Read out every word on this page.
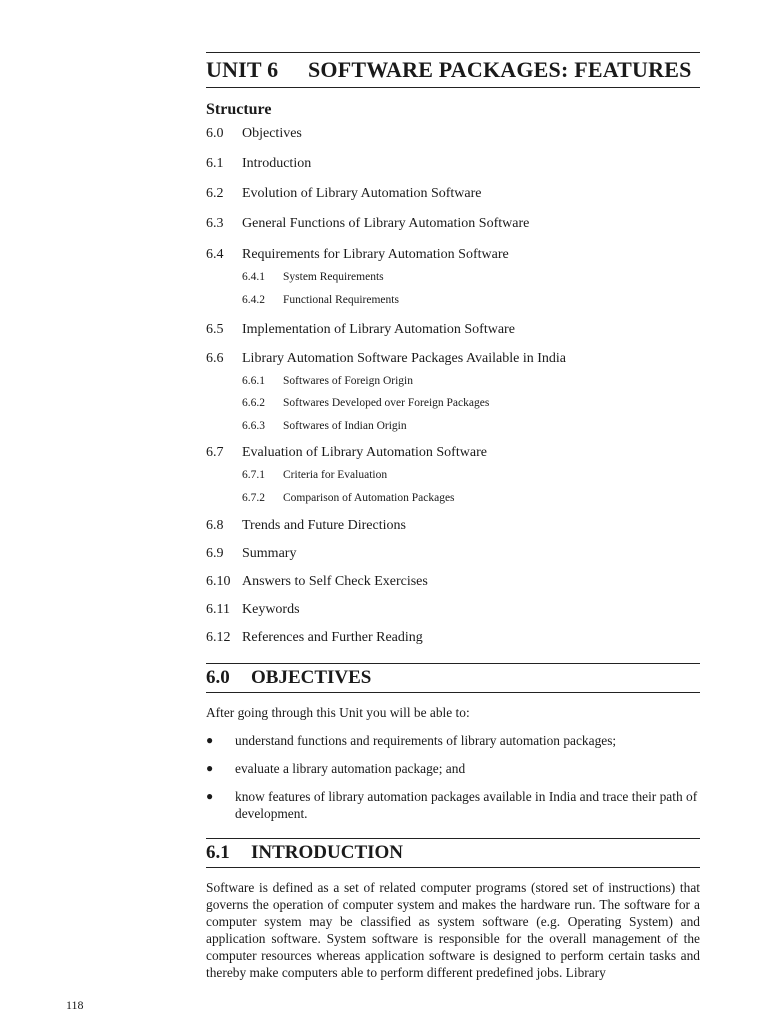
118
UNIT 6	SOFTWARE PACKAGES: FEATURES
Structure
6.0	Objectives
6.1	Introduction
6.2	Evolution of Library Automation Software
6.3	General Functions of Library Automation Software
6.4	Requirements for Library Automation Software
6.4.1	System Requirements
6.4.2	Functional Requirements
6.5	Implementation of Library Automation Software
6.6	Library Automation Software Packages Available in India
6.6.1	Softwares of Foreign Origin
6.6.2	Softwares Developed over Foreign Packages
6.6.3	Softwares of Indian Origin
6.7	Evaluation of Library Automation Software
6.7.1	Criteria for Evaluation
6.7.2	Comparison of Automation Packages
6.8	Trends and Future Directions
6.9	Summary
6.10 Answers to Self Check Exercises
6.11 Keywords
6.12 References and Further Reading
6.0	OBJECTIVES
After going through this Unit you will be able to:
●	understand functions and requirements of library automation packages;
●	evaluate a library automation package; and
●	know features of library automation packages available in India and trace their path of development.
6.1	INTRODUCTION
Software is defined as a set of related computer programs (stored set of instructions) that governs the operation of computer system and makes the hardware run. The software for a computer system may be classified as system software (e.g. Operating System) and application software. System software is responsible for the overall management of the computer resources whereas application software is designed to perform certain tasks and thereby make computers able to perform different predefined jobs. Library
